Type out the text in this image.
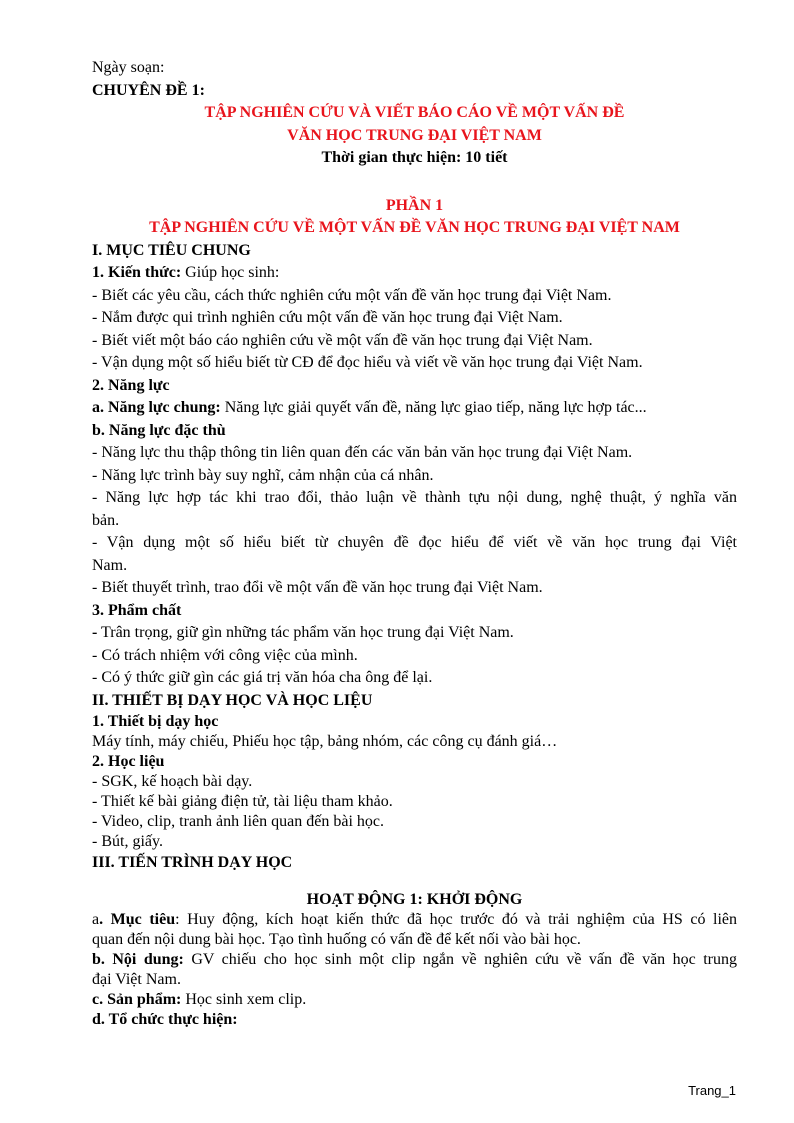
Ngày soạn:

CHUYÊN ĐỀ 1:

TẬP NGHIÊN CỨU VÀ VIẾT BÁO CÁO VỀ MỘT VẤN ĐỀ

VĂN HỌC TRUNG ĐẠI VIỆT NAM

Thời gian thực hiện: 10 tiết

PHẦN 1

TẬP NGHIÊN CỨU VỀ MỘT VẤN ĐỀ VĂN HỌC TRUNG ĐẠI VIỆT NAM

I. MỤC TIÊU CHUNG

1. Kiến thức: Giúp học sinh:

- Biết các yêu cầu, cách thức nghiên cứu một vấn đề văn học trung đại Việt Nam.

- Nắm được qui trình nghiên cứu một vấn đề văn học trung đại Việt Nam.

- Biết viết một báo cáo nghiên cứu về một vấn đề văn học trung đại Việt Nam.

- Vận dụng một số hiểu biết từ CĐ để đọc hiểu và viết về văn học trung đại Việt Nam.

2. Năng lực

a. Năng lực chung: Năng lực giải quyết vấn đề, năng lực giao tiếp, năng lực hợp tác...

b. Năng lực đặc thù

- Năng lực thu thập thông tin liên quan đến các văn bản văn học trung đại Việt Nam.

- Năng lực trình bày suy nghĩ, cảm nhận của cá nhân.

- Năng lực hợp tác khi trao đổi, thảo luận về thành tựu nội dung, nghệ thuật, ý nghĩa văn

bản.

- Vận dụng một số hiểu biết từ chuyên đề đọc hiểu để viết về văn học trung đại Việt

Nam.

- Biết thuyết trình, trao đổi về một vấn đề văn học trung đại Việt Nam.

3. Phẩm chất

- Trân trọng, giữ gìn những tác phẩm văn học trung đại Việt Nam.

- Có trách nhiệm với công việc của mình.

- Có ý thức giữ gìn các giá trị văn hóa cha ông để lại.

II. THIẾT BỊ DẠY HỌC VÀ HỌC LIỆU

1. Thiết bị dạy học

Máy tính, máy chiếu, Phiếu học tập, bảng nhóm, các công cụ đánh giá…

2. Học liệu

- SGK, kế hoạch bài dạy.

- Thiết kế bài giảng điện tử, tài liệu tham khảo.

- Video, clip, tranh ảnh liên quan đến bài học.

- Bút, giấy.

III. TIẾN TRÌNH DẠY HỌC

HOẠT ĐỘNG 1: KHỞI ĐỘNG

a. Mục tiêu: Huy động, kích hoạt kiến thức đã học trước đó và trải nghiệm của HS có liên

quan đến nội dung bài học. Tạo tình huống có vấn đề để kết nối vào bài học.

b. Nội dung: GV chiếu cho học sinh một clip ngắn về nghiên cứu về vấn đề văn học trung

đại Việt Nam.

c. Sản phẩm: Học sinh xem clip.

d. Tổ chức thực hiện:

Trang_1
